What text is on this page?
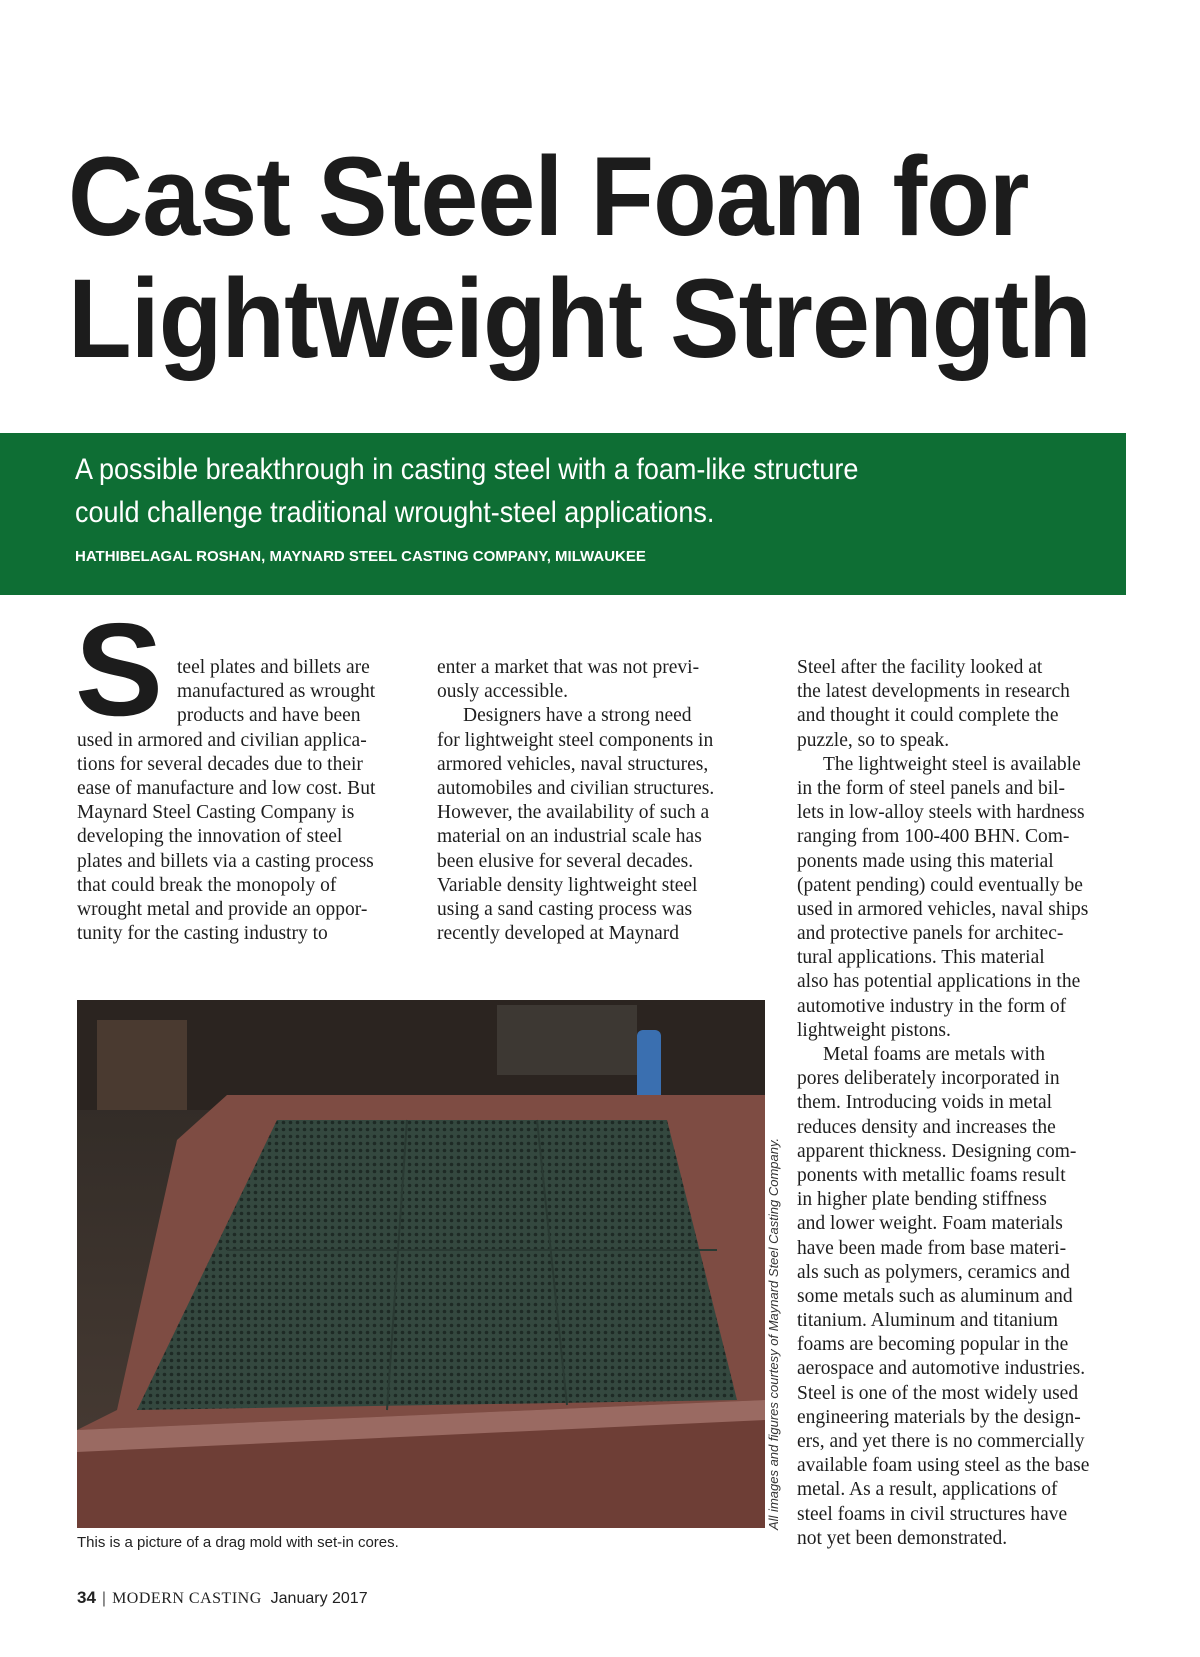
Cast Steel Foam for
Lightweight Strength
A possible breakthrough in casting steel with a foam-like structure
could challenge traditional wrought-steel applications.
HATHIBELAGAL ROSHAN, MAYNARD STEEL CASTING COMPANY, MILWAUKEE
S teel plates and billets are
manufactured as wrought
products and have been
used in armored and civilian applica-
tions for several decades due to their
ease of manufacture and low cost. But
Maynard Steel Casting Company is
developing the innovation of steel
plates and billets via a casting process
that could break the monopoly of
wrought metal and provide an oppor-
tunity for the casting industry to
enter a market that was not previ-
ously accessible.
Designers have a strong need
for lightweight steel components in
armored vehicles, naval structures,
automobiles and civilian structures.
However, the availability of such a
material on an industrial scale has
been elusive for several decades.
Variable density lightweight steel
using a sand casting process was
recently developed at Maynard
Steel after the facility looked at
the latest developments in research
and thought it could complete the
puzzle, so to speak.
The lightweight steel is available
in the form of steel panels and bil-
lets in low-alloy steels with hardness
ranging from 100-400 BHN. Com-
ponents made using this material
(patent pending) could eventually be
used in armored vehicles, naval ships
and protective panels for architec-
tural applications. This material
also has potential applications in the
automotive industry in the form of
lightweight pistons.
Metal foams are metals with
pores deliberately incorporated in
them. Introducing voids in metal
reduces density and increases the
apparent thickness. Designing com-
ponents with metallic foams result
in higher plate bending stiffness
and lower weight. Foam materials
have been made from base materi-
als such as polymers, ceramics and
some metals such as aluminum and
titanium. Aluminum and titanium
foams are becoming popular in the
aerospace and automotive industries.
Steel is one of the most widely used
engineering materials by the design-
ers, and yet there is no commercially
available foam using steel as the base
metal. As a result, applications of
steel foams in civil structures have
not yet been demonstrated.
All images and figures courtesy of Maynard Steel Casting Company.
This is a picture of a drag mold with set-in cores.
34 | MODERN CASTING January 2017
